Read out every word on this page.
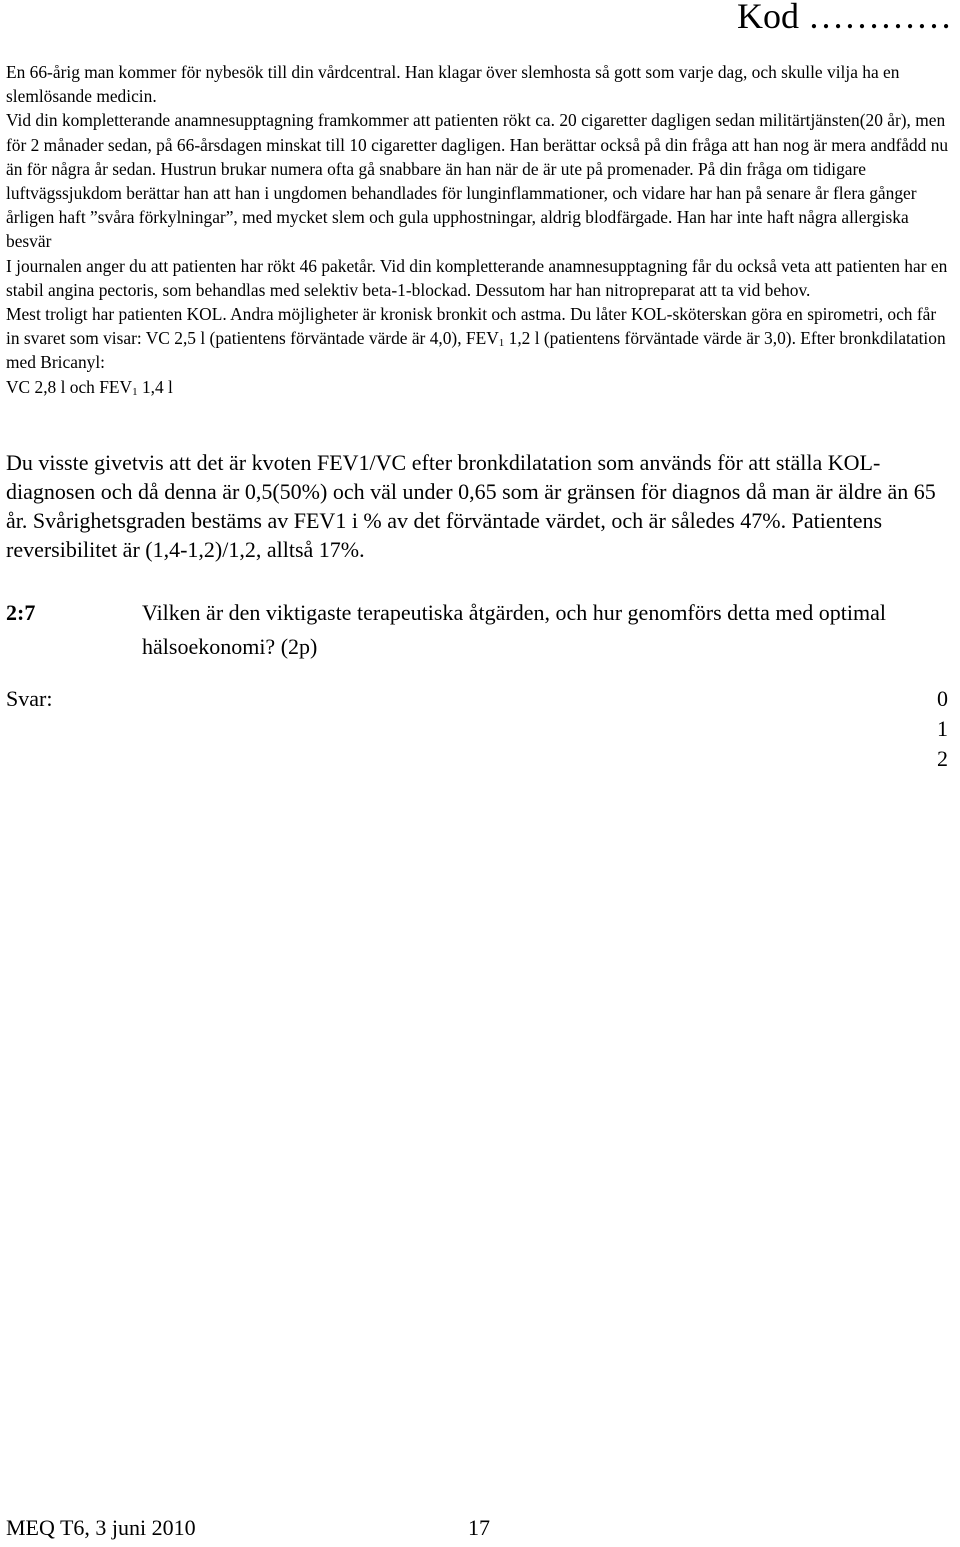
Kod …………

En 66-årig man kommer för nybesök till din vårdcentral. Han klagar över slemhosta så gott som varje dag, och skulle vilja ha en slemlösande medicin.

Vid din kompletterande anamnesupptagning framkommer att patienten rökt ca. 20 cigaretter dagligen sedan militärtjänsten(20 år), men för 2 månader sedan, på 66-årsdagen minskat till 10 cigaretter dagligen. Han berättar också på din fråga att han nog är mera andfådd nu än för några år sedan. Hustrun brukar numera ofta gå snabbare än han när de är ute på promenader. På din fråga om tidigare luftvägssjukdom berättar han att han i ungdomen behandlades för lunginflammationer, och vidare har han på senare år flera gånger årligen haft ”svåra förkylningar”, med mycket slem och gula upphostningar, aldrig blodfärgade. Han har inte haft några allergiska besvär

I journalen anger du att patienten har rökt 46 paketår. Vid din kompletterande anamnesupptagning får du också veta att patienten har en stabil angina pectoris, som behandlas med selektiv beta-1-blockad. Dessutom har han nitropreparat att ta vid behov.

Mest troligt har patienten KOL. Andra möjligheter är kronisk bronkit och astma. Du låter KOL-sköterskan göra en spirometri, och får in svaret som visar: VC 2,5 l (patientens förväntade värde är 4,0), $FEV_1$ 1,2 l (patientens förväntade värde är 3,0). Efter bronkdilatation med Bricanyl:

VC 2,8 l och $FEV_1$ 1,4 l

Du visste givetvis att det är kvoten FEV1/VC efter bronkdilatation som används för att ställa KOL-diagnosen och då denna är 0,5(50%) och väl under 0,65 som är gränsen för diagnos då man är äldre än 65 år. Svårighetsgraden bestäms av FEV1 i % av det förväntade värdet, och är således 47%. Patientens reversibilitet är (1,4-1,2)/1,2, alltså 17%.

2:7	Vilken är den viktigaste terapeutiska åtgärden, och hur genomförs detta med optimal hälsoekonomi? (2p)
Svar:	0
1
2
MEQ T6, 3 juni 2010	17
